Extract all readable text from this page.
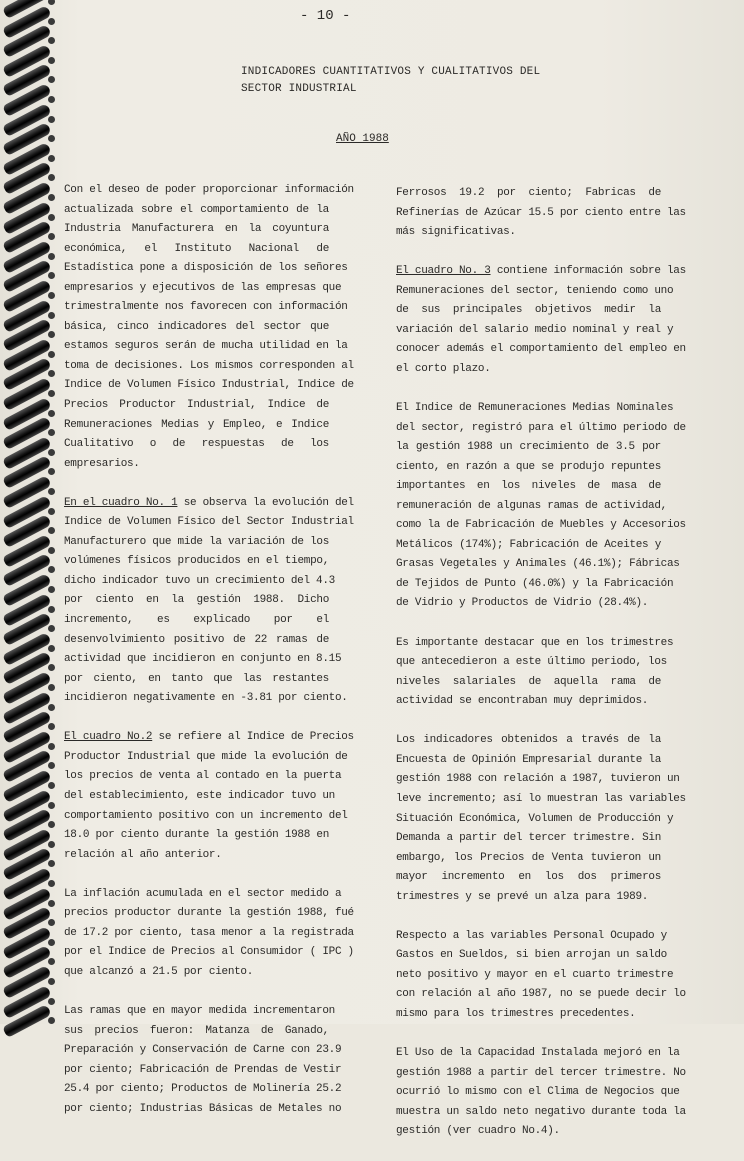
- 10 -
INDICADORES CUANTITATIVOS Y CUALITATIVOS DEL
SECTOR INDUSTRIAL
AÑO 1988
Con el deseo de poder proporcionar información
actualizada sobre el comportamiento de la
Industria Manufacturera en la coyuntura
económica, el Instituto Nacional de
Estadística pone a disposición de los señores
empresarios y ejecutivos de las empresas que
trimestralmente nos favorecen con información
básica, cinco indicadores del sector que
estamos seguros serán de mucha utilidad en la
toma de decisiones. Los mismos corresponden al
Indice de Volumen Físico Industrial, Indice de
Precios Productor Industrial, Indice de
Remuneraciones Medias y Empleo, e Indice
Cualitativo o de respuestas de los
empresarios.
En el cuadro No. 1 se observa la evolución del
Indice de Volumen Físico del Sector Industrial
Manufacturero que mide la variación de los
volúmenes físicos producidos en el tiempo,
dicho indicador tuvo un crecimiento del 4.3
por ciento en la gestión 1988. Dicho
incremento, es explicado por el
desenvolvimiento positivo de 22 ramas de
actividad que incidieron en conjunto en 8.15
por ciento, en tanto que las restantes
incidieron negativamente en -3.81 por ciento.
El cuadro No.2 se refiere al Indice de Precios
Productor Industrial que mide la evolución de
los precios de venta al contado en la puerta
del establecimiento, este indicador tuvo un
comportamiento positivo con un incremento del
18.0 por ciento durante la gestión 1988 en
relación al año anterior.
La inflación acumulada en el sector medido a
precios productor durante la gestión 1988, fué
de 17.2 por ciento, tasa menor a la registrada
por el Indice de Precios al Consumidor ( IPC )
que alcanzó a 21.5 por ciento.
Las ramas que en mayor medida incrementaron
sus precios fueron: Matanza de Ganado,
Preparación y Conservación de Carne con 23.9
por ciento; Fabricación de Prendas de Vestir
25.4 por ciento; Productos de Molinería 25.2
por ciento; Industrias Básicas de Metales no
Ferrosos 19.2 por ciento; Fabricas de
Refinerías de Azúcar 15.5 por ciento entre las
más significativas.
El cuadro No. 3 contiene información sobre las
Remuneraciones del sector, teniendo como uno
de sus principales objetivos medir la
variación del salario medio nominal y real y
conocer además el comportamiento del empleo en
el corto plazo.
El Indice de Remuneraciones Medias Nominales
del sector, registró para el último periodo de
la gestión 1988 un crecimiento de 3.5 por
ciento, en razón a que se produjo repuntes
importantes en los niveles de masa de
remuneración de algunas ramas de actividad,
como la de Fabricación de Muebles y Accesorios
Metálicos (174%); Fabricación de Aceites y
Grasas Vegetales y Animales (46.1%); Fábricas
de Tejidos de Punto (46.0%) y la Fabricación
de Vidrio y Productos de Vidrio (28.4%).
Es importante destacar que en los trimestres
que antecedieron a este último periodo, los
niveles salariales de aquella rama de
actividad se encontraban muy deprimidos.
Los indicadores obtenidos a través de la
Encuesta de Opinión Empresarial durante la
gestión 1988 con relación a 1987, tuvieron un
leve incremento; así lo muestran las variables
Situación Económica, Volumen de Producción y
Demanda a partir del tercer trimestre. Sin
embargo, los Precios de Venta tuvieron un
mayor incremento en los dos primeros
trimestres y se prevé un alza para 1989.
Respecto a las variables Personal Ocupado y
Gastos en Sueldos, si bien arrojan un saldo
neto positivo y mayor en el cuarto trimestre
con relación al año 1987, no se puede decir lo
mismo para los trimestres precedentes.
El Uso de la Capacidad Instalada mejoró en la
gestión 1988 a partir del tercer trimestre. No
ocurrió lo mismo con el Clima de Negocios que
muestra un saldo neto negativo durante toda la
gestión (ver cuadro No.4).
